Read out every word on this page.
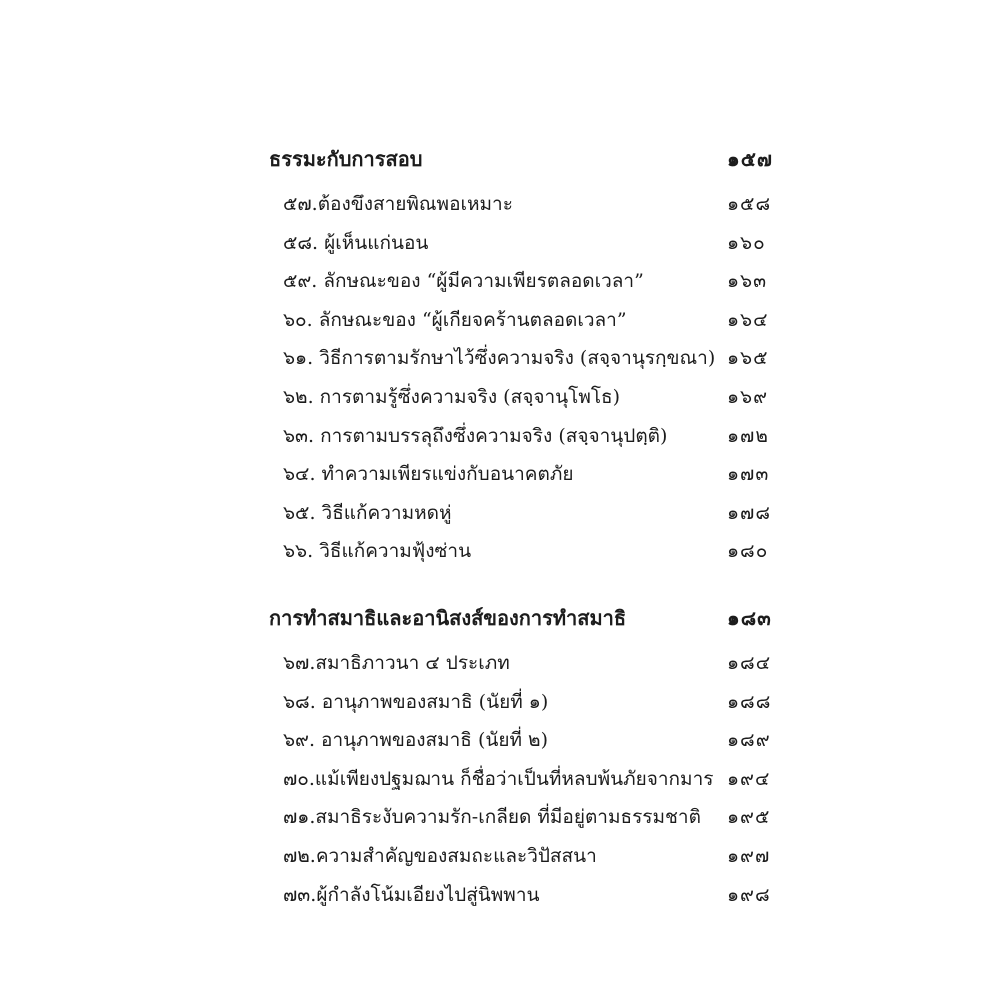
ธรรมะกับการสอบ	๑๕๗
๕๗.ต้องขึงสายพิณพอเหมาะ	๑๕๘
๕๘. ผู้เห็นแก่นอน	๑๖๐
๕๙. ลักษณะของ “ผู้มีความเพียรตลอดเวลา”	๑๖๓
๖๐. ลักษณะของ “ผู้เกียจคร้านตลอดเวลา”	๑๖๔
๖๑. วิธีการตามรักษาไว้ซึ่งความจริง (สจฺจานุรกฺขณา) ๑๖๕
๖๒. การตามรู้ซึ่งความจริง (สจฺจานุโพโธ)	๑๖๙
๖๓. การตามบรรลุถึงซึ่งความจริง (สจฺจานุปตฺติ)	๑๗๒
๖๔. ทำความเพียรแข่งกับอนาคตภัย	๑๗๓
๖๕. วิธีแก้ความหดหู่	๑๗๘
๖๖. วิธีแก้ความฟุ้งซ่าน	๑๘๐
การทำสมาธิและอานิสงส์ของการทำสมาธิ	๑๘๓
๖๗.สมาธิภาวนา ๔ ประเภท	๑๘๔
๖๘. อานุภาพของสมาธิ (นัยที่ ๑)	๑๘๘
๖๙. อานุภาพของสมาธิ (นัยที่ ๒)	๑๘๙
๗๐.แม้เพียงปฐมฌาน ก็ชื่อว่าเป็นที่หลบพ้นภัยจากมาร ๑๙๔
๗๑.สมาธิระงับความรัก-เกลียด ที่มีอยู่ตามธรรมชาติ ๑๙๕
๗๒.ความสำคัญของสมถะและวิปัสสนา	๑๙๗
๗๓.ผู้กำลังโน้มเอียงไปสู่นิพพาน	๑๙๘
